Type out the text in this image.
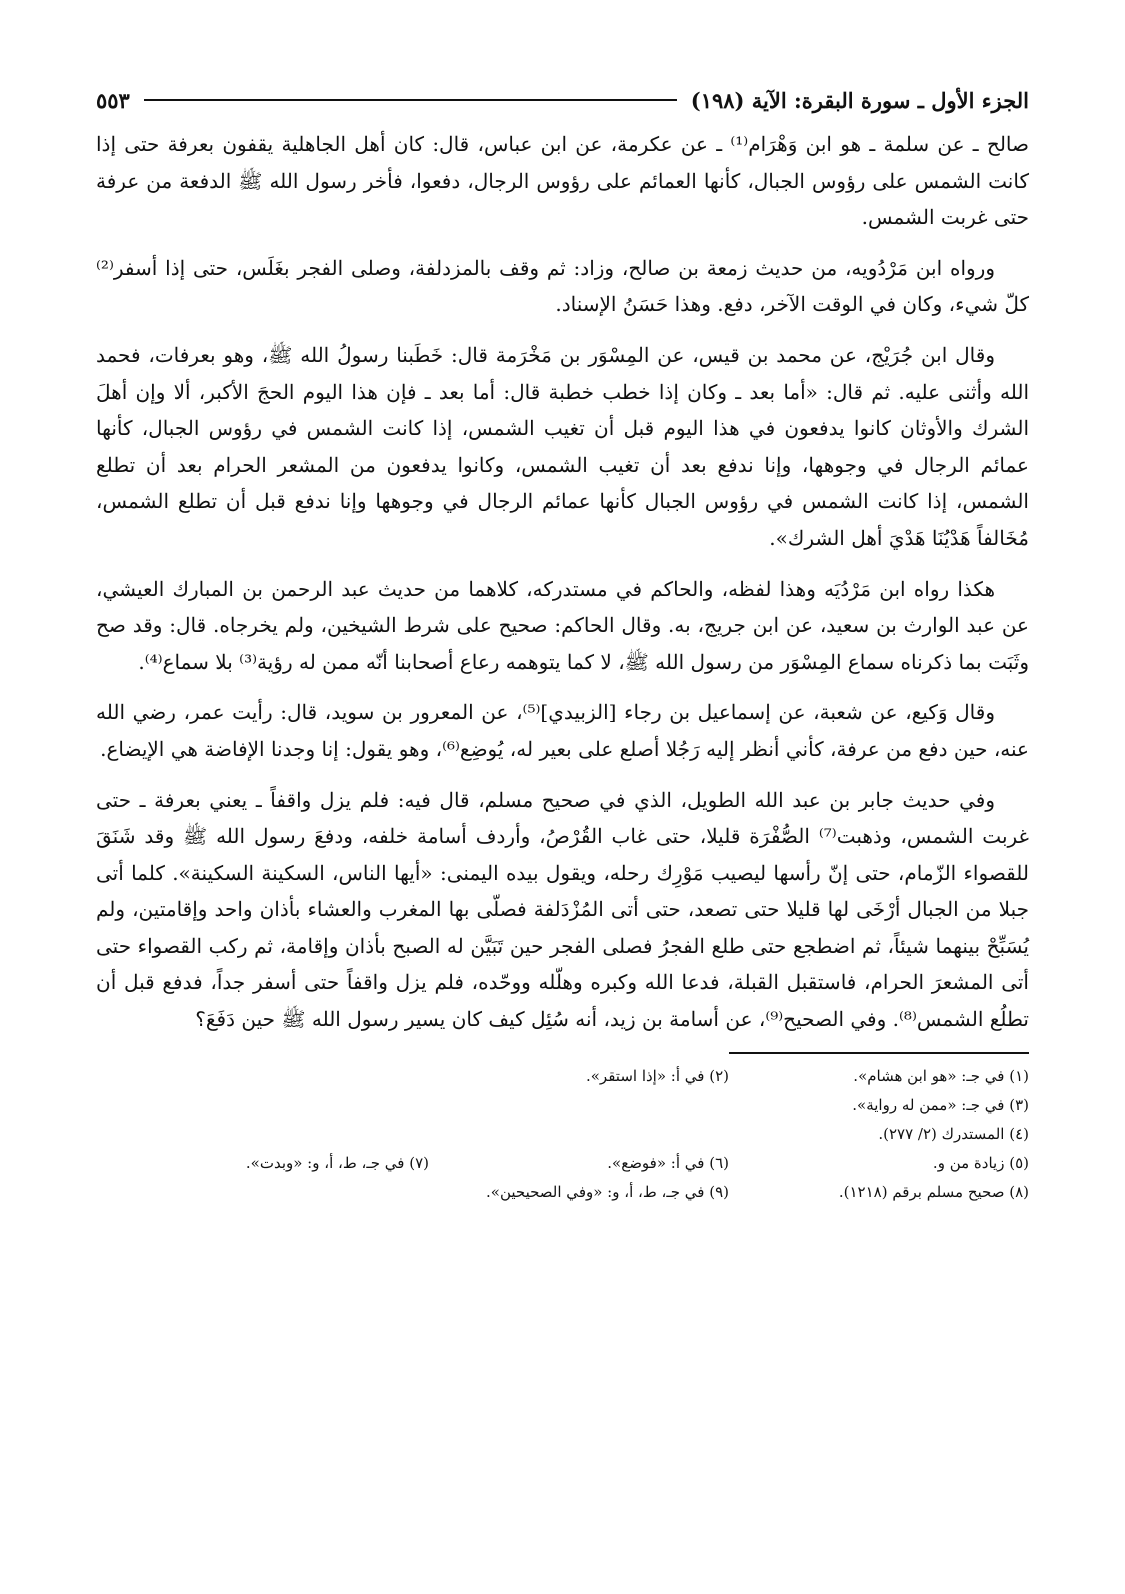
الجزء الأول ـ سورة البقرة: الآية (١٩٨)
٥٥٣

صالح ـ عن سلمة ـ هو ابن وَهْرَام⁽¹⁾ ـ عن عكرمة، عن ابن عباس، قال: كان أهل الجاهلية يقفون بعرفة حتى إذا كانت الشمس على رؤوس الجبال، كأنها العمائم على رؤوس الرجال، دفعوا، فأخر رسول الله ﷺ الدفعة من عرفة حتى غربت الشمس.

ورواه ابن مَرْدُويه، من حديث زمعة بن صالح، وزاد: ثم وقف بالمزدلفة، وصلى الفجر بغَلَس، حتى إذا أسفر⁽²⁾ كلّ شيء، وكان في الوقت الآخر، دفع. وهذا حَسَنُ الإسناد.

وقال ابن جُرَيْج، عن محمد بن قيس، عن المِسْوَر بن مَخْرَمة قال: خَطَبنا رسولُ الله ﷺ، وهو بعرفات، فحمد الله وأثنى عليه. ثم قال: «أما بعد ـ وكان إذا خطب خطبة قال: أما بعد ـ فإن هذا اليوم الحجَ الأكبر، ألا وإن أهلَ الشرك والأوثان كانوا يدفعون في هذا اليوم قبل أن تغيب الشمس، إذا كانت الشمس في رؤوس الجبال، كأنها عمائم الرجال في وجوهها، وإنا ندفع بعد أن تغيب الشمس، وكانوا يدفعون من المشعر الحرام بعد أن تطلع الشمس، إذا كانت الشمس في رؤوس الجبال كأنها عمائم الرجال في وجوهها وإنا ندفع قبل أن تطلع الشمس، مُخَالفاً هَدْيُنَا هَدْيَ أهل الشرك».

هكذا رواه ابن مَرْدُيَه وهذا لفظه، والحاكم في مستدركه، كلاهما من حديث عبد الرحمن بن المبارك العيشي، عن عبد الوارث بن سعيد، عن ابن جريج، به. وقال الحاكم: صحيح على شرط الشيخين، ولم يخرجاه. قال: وقد صح وثَبَت بما ذكرناه سماع المِسْوَر من رسول الله ﷺ، لا كما يتوهمه رعاع أصحابنا أنّه ممن له رؤية⁽³⁾ بلا سماع⁽⁴⁾.

وقال وَكيع، عن شعبة، عن إسماعيل بن رجاء [الزبيدي]⁽⁵⁾، عن المعرور بن سويد، قال: رأيت عمر، رضي الله عنه، حين دفع من عرفة، كأني أنظر إليه رَجُلا أصلع على بعير له، يُوضِع⁽⁶⁾، وهو يقول: إنا وجدنا الإفاضة هي الإيضاع.

وفي حديث جابر بن عبد الله الطويل، الذي في صحيح مسلم، قال فيه: فلم يزل واقفاً ـ يعني بعرفة ـ حتى غربت الشمس، وذهبت⁽⁷⁾ الصُّفْرَة قليلا، حتى غاب القُرْصُ، وأردف أسامة خلفه، ودفعَ رسول الله ﷺ وقد شَنَقَ للقصواء الزّمام، حتى إنّ رأسها ليصيب مَوْرِك رحله، ويقول بيده اليمنى: «أيها الناس، السكينة السكينة». كلما أتى جبلا من الجبال أرْخَى لها قليلا حتى تصعد، حتى أتى المُزْدَلفة فصلّى بها المغرب والعشاء بأذان واحد وإقامتين، ولم يُسَبِّحْ بينهما شيئاً، ثم اضطجع حتى طلع الفجرُ فصلى الفجر حين تَبَيَّن له الصبح بأذان وإقامة، ثم ركب القصواء حتى أتى المشعرَ الحرام، فاستقبل القبلة، فدعا الله وكبره وهلّله ووحّده، فلم يزل واقفاً حتى أسفر جداً، فدفع قبل أن تطلُع الشمس⁽⁸⁾. وفي الصحيح⁽⁹⁾، عن أسامة بن زيد، أنه سُئِل كيف كان يسير رسول الله ﷺ حين دَفَعَ؟

(١) في جـ: «هو ابن هشام».
(٢) في أ: «إذا استقر».
(٣) في جـ: «ممن له رواية».
(٤) المستدرك (٢/ ٢٧٧).
(٥) زيادة من و.
(٦) في أ: «فوضع».
(٧) في جـ، ط، أ، و: «وبدت».
(٨) صحيح مسلم برقم (١٢١٨).
(٩) في جـ، ط، أ، و: «وفي الصحيحين».
